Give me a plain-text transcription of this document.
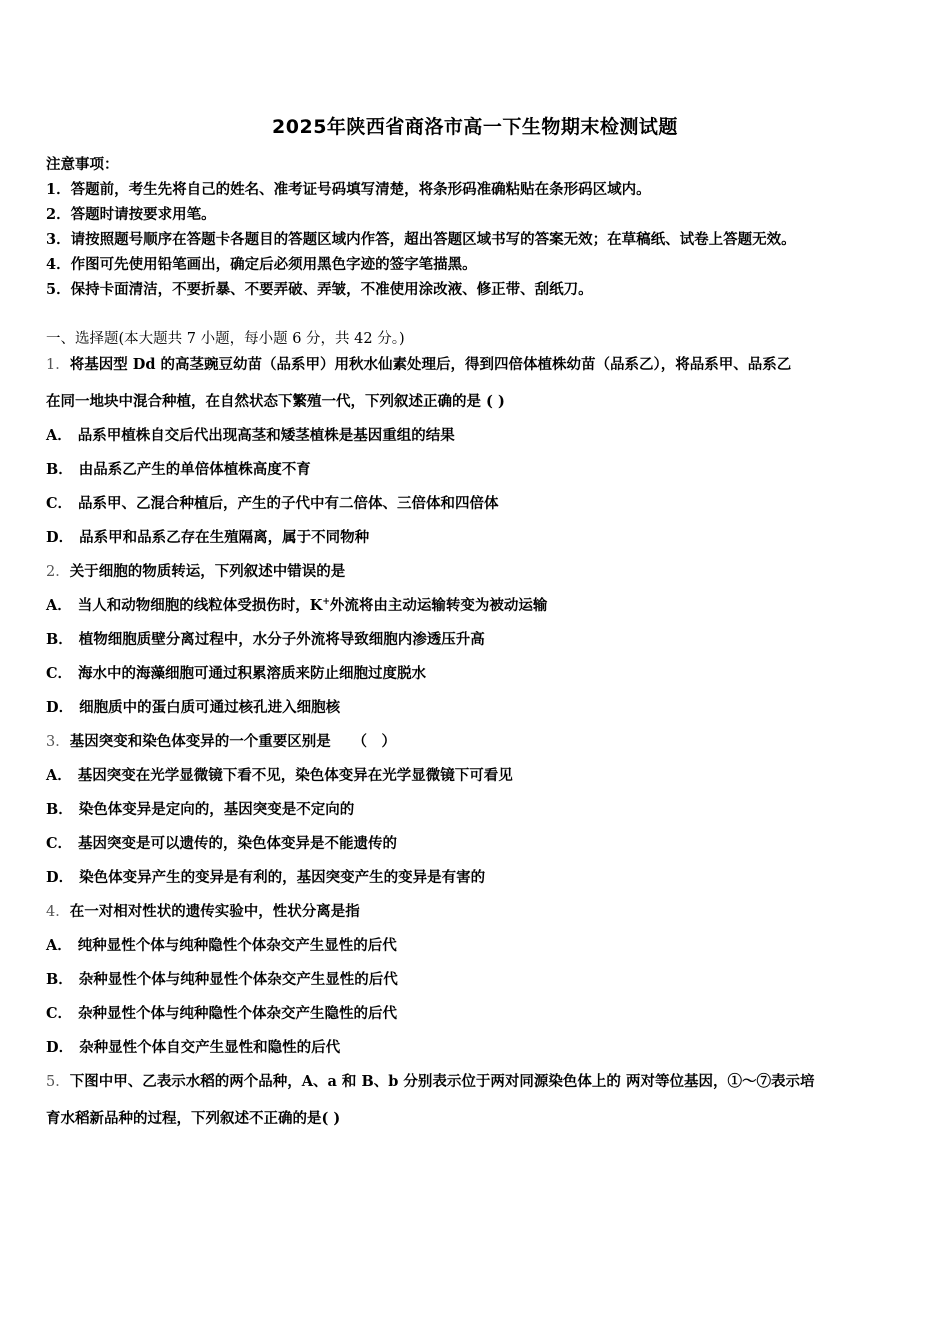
2025年陕西省商洛市高一下生物期末检测试题
注意事项：
1．答题前，考生先将自己的姓名、准考证号码填写清楚，将条形码准确粘贴在条形码区域内。
2．答题时请按要求用笔。
3．请按照题号顺序在答题卡各题目的答题区域内作答，超出答题区域书写的答案无效；在草稿纸、试卷上答题无效。
4．作图可先使用铅笔画出，确定后必须用黑色字迹的签字笔描黑。
5．保持卡面清洁，不要折暴、不要弄破、弄皱，不准使用涂改液、修正带、刮纸刀。
一、选择题(本大题共 7 小题，每小题 6 分，共 42 分。)
1．将基因型 Dd 的高茎豌豆幼苗（品系甲）用秋水仙素处理后，得到四倍体植株幼苗（品系乙），将品系甲、品系乙
在同一地块中混合种植，在自然状态下繁殖一代，下列叙述正确的是 ( )
A． 品系甲植株自交后代出现高茎和矮茎植株是基因重组的结果
B． 由品系乙产生的单倍体植株高度不育
C． 品系甲、乙混合种植后，产生的子代中有二倍体、三倍体和四倍体
D． 品系甲和品系乙存在生殖隔离，属于不同物种
2．关于细胞的物质转运，下列叙述中错误的是
A． 当人和动物细胞的线粒体受损伤时，K+外流将由主动运输转变为被动运输
B． 植物细胞质壁分离过程中，水分子外流将导致细胞内渗透压升高
C． 海水中的海藻细胞可通过积累溶质来防止细胞过度脱水
D． 细胞质中的蛋白质可通过核孔进入细胞核
3．基因突变和染色体变异的一个重要区别是　　（　）
A． 基因突变在光学显微镜下看不见，染色体变异在光学显微镜下可看见
B． 染色体变异是定向的，基因突变是不定向的
C． 基因突变是可以遗传的，染色体变异是不能遗传的
D． 染色体变异产生的变异是有利的，基因突变产生的变异是有害的
4．在一对相对性状的遗传实验中，性状分离是指
A． 纯种显性个体与纯种隐性个体杂交产生显性的后代
B． 杂种显性个体与纯种显性个体杂交产生显性的后代
C． 杂种显性个体与纯种隐性个体杂交产生隐性的后代
D． 杂种显性个体自交产生显性和隐性的后代
5．下图中甲、乙表示水稻的两个品种，A、a 和 B、b 分别表示位于两对同源染色体上的 两对等位基因，①～⑦表示培
育水稻新品种的过程，下列叙述不正确的是( )
